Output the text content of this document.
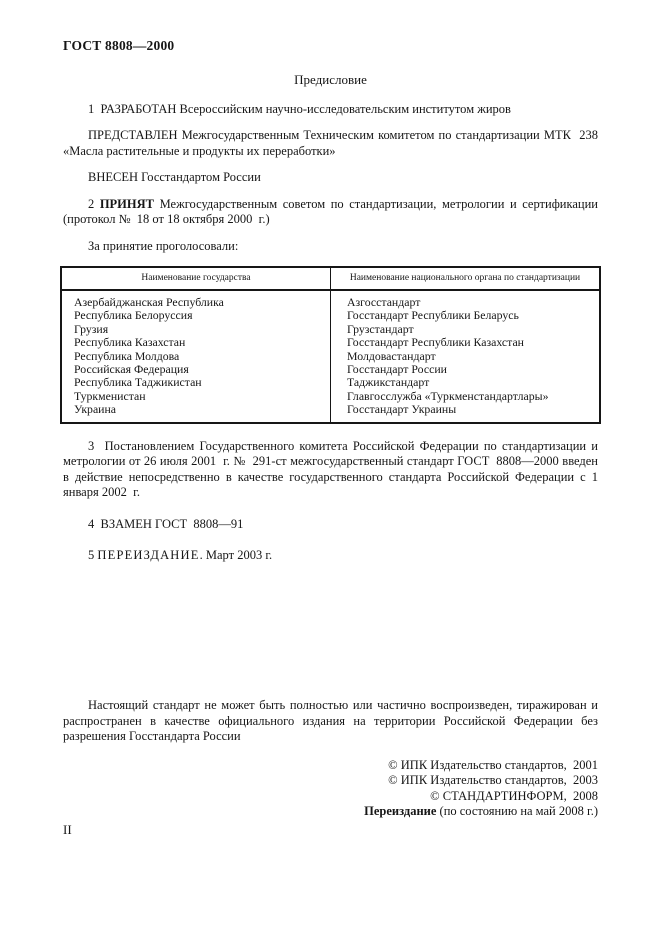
ГОСТ 8808—2000

Предисловие

1  РАЗРАБОТАН Всероссийским научно-исследовательским институтом жиров

ПРЕДСТАВЛЕН Межгосударственным Техническим комитетом по стандартизации МТК  238 «Масла растительные и продукты их переработки»

ВНЕСЕН Госстандартом России

2 ПРИНЯТ Межгосударственным советом по стандартизации, метрологии и сертификации (протокол №  18 от 18 октября 2000  г.)

За принятие проголосовали:

Наименование государства	Наименование национального органа по стандартизации
Азербайджанская Республика	Азгосстандарт
Республика Белоруссия	Госстандарт Республики Беларусь
Грузия	Грузстандарт
Республика Казахстан	Госстандарт Республики Казахстан
Республика Молдова	Молдовастандарт
Российская Федерация	Госстандарт России
Республика Таджикистан	Таджикстандарт
Туркменистан	Главгосслужба «Туркменстандартлары»
Украина	Госстандарт Украины

3  Постановлением Государственного комитета Российской Федерации по стандартизации и метрологии от 26 июля 2001  г. №  291-ст межгосударственный стандарт ГОСТ  8808—2000 введен в действие непосредственно в качестве государственного стандарта Российской Федерации с 1 января 2002  г.

4  ВЗАМЕН ГОСТ  8808—91

5 ПЕРЕИЗДАНИЕ. Март 2003 г.

Настоящий стандарт не может быть полностью или частично воспроизведен, тиражирован и распространен в качестве официального издания на территории Российской Федерации без разрешения Госстандарта России

© ИПК Издательство стандартов,  2001
© ИПК Издательство стандартов,  2003
© СТАНДАРТИНФОРМ,  2008
Переиздание (по состоянию на май 2008 г.)
II
